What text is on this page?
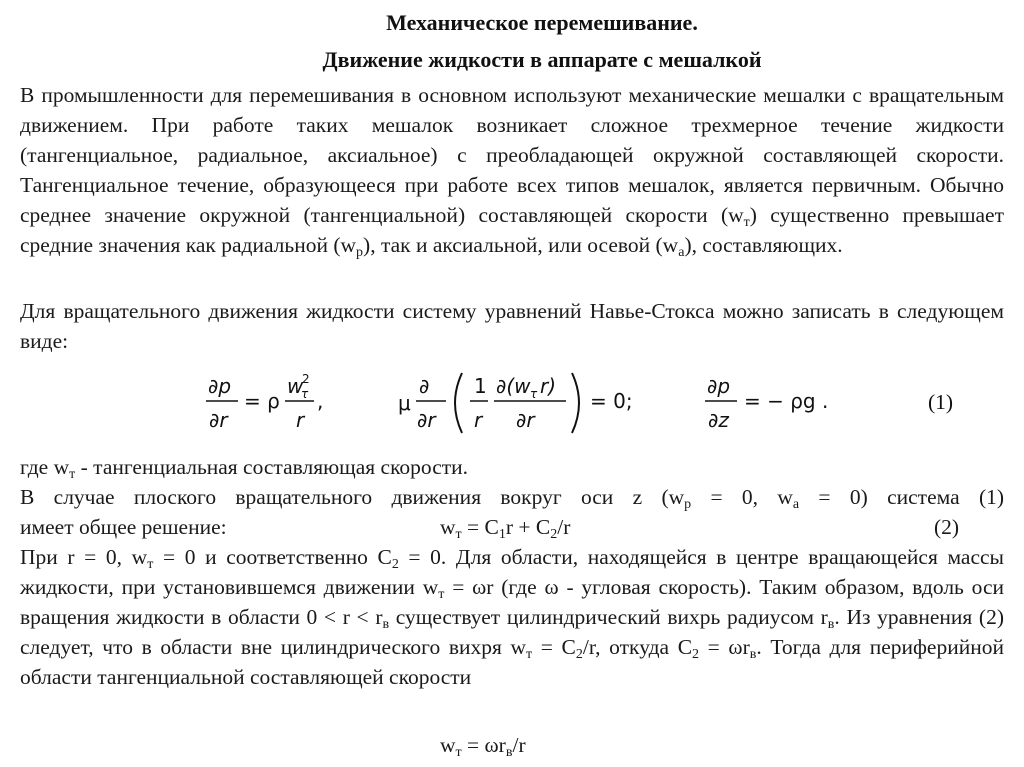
Механическое перемешивание.
Движение жидкости в аппарате с мешалкой
В промышленности для перемешивания в основном используют механические мешалки с вращательным движением. При работе таких мешалок возникает сложное трехмерное течение жидкости (тангенциальное, радиальное, аксиальное) с преобладающей окружной составляющей скорости. Тангенциальное течение, образующееся при работе всех типов мешалок, является первичным. Обычно среднее значение окружной (тангенциальной) составляющей скорости $(w_т)$ существенно превышает средние значения как радиальной $(w_р)$, так и аксиальной, или осевой $(w_а)$, составляющих.
Для вращательного движения жидкости систему уравнений Навье-Стокса можно записать в следующем виде:
∂p
∂r
= ρ
w
τ
2
r
,	μ
∂
∂r
1
r
∂(w τ r)
∂r
= 0;
∂p
∂z
= − ρg .	(1)
где $w_т$ - тангенциальная составляющая скорости.
В случае плоского вращательного движения вокруг оси z ($w_р = 0$, $w_а = 0$) система (1)
имеет общее решение:	$w_т = C_1r + C_2/r$	(2)
При r = 0, $w_т = 0$ и соответственно $C_2 = 0$. Для области, находящейся в центре вращающейся массы жидкости, при установившемся движении $w_т = \omega r$ (где ω - угловая скорость). Таким образом, вдоль оси вращения жидкости в области $0 < r < r_в$ существует цилиндрический вихрь радиусом $r_в$. Из уравнения (2) следует, что в области вне цилиндрического вихря $w_т = C_2/r$, откуда $C_2 = \omega r_в$. Тогда для периферийной области тангенциальной составляющей скорости
$w_т = \omega r_в/r$
